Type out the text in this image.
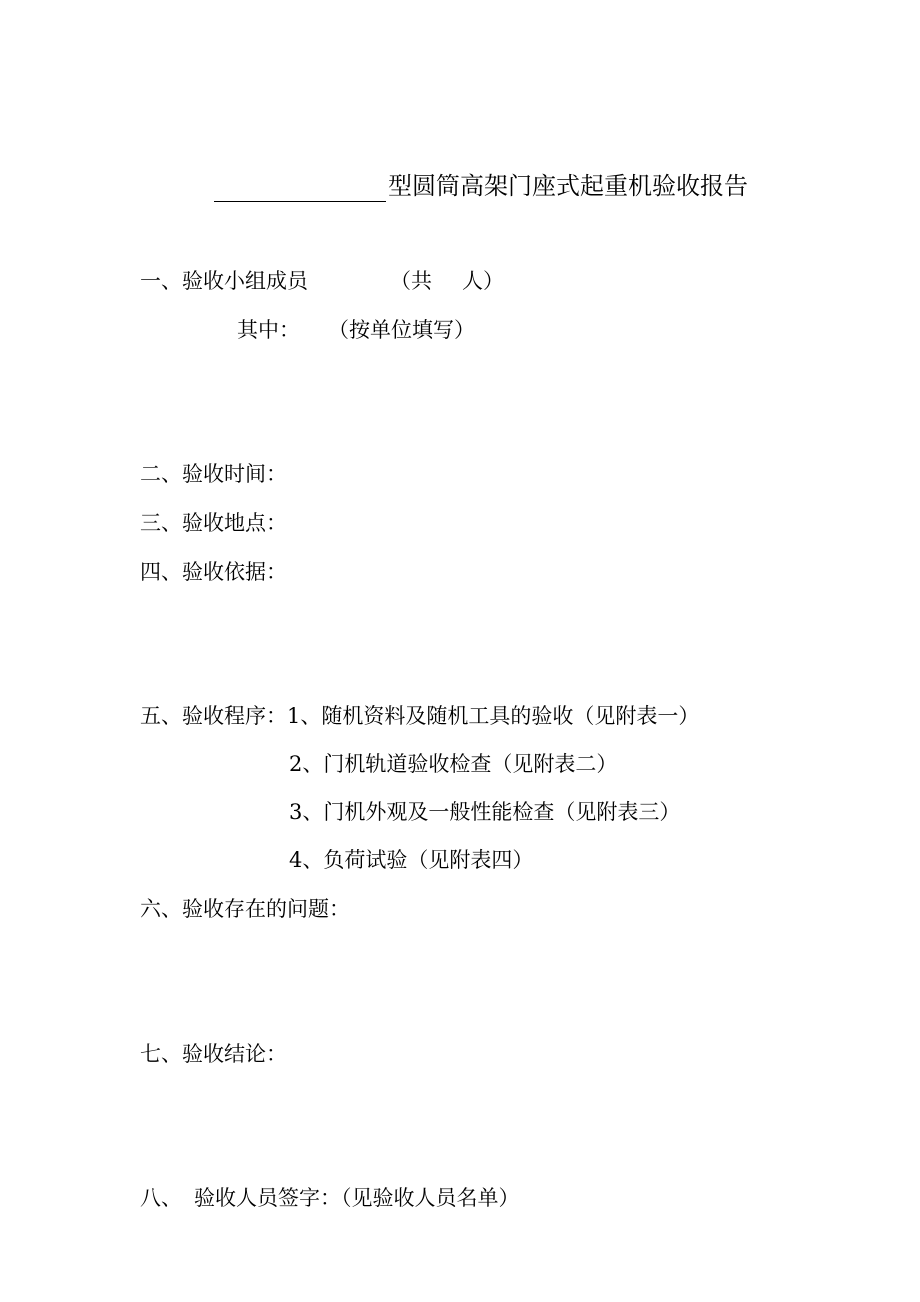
型圆筒高架门座式起重机验收报告
一、验收小组成员	（共 人）
其中： （按单位填写）
二、验收时间：
三、验收地点：
四、验收依据：
五、验收程序：1、随机资料及随机工具的验收（见附表一）
2、门机轨道验收检查（见附表二）
3、门机外观及一般性能检查（见附表三）
4、负荷试验（见附表四）
六、验收存在的问题：
七、验收结论：
八、 验收人员签字：（见验收人员名单）
